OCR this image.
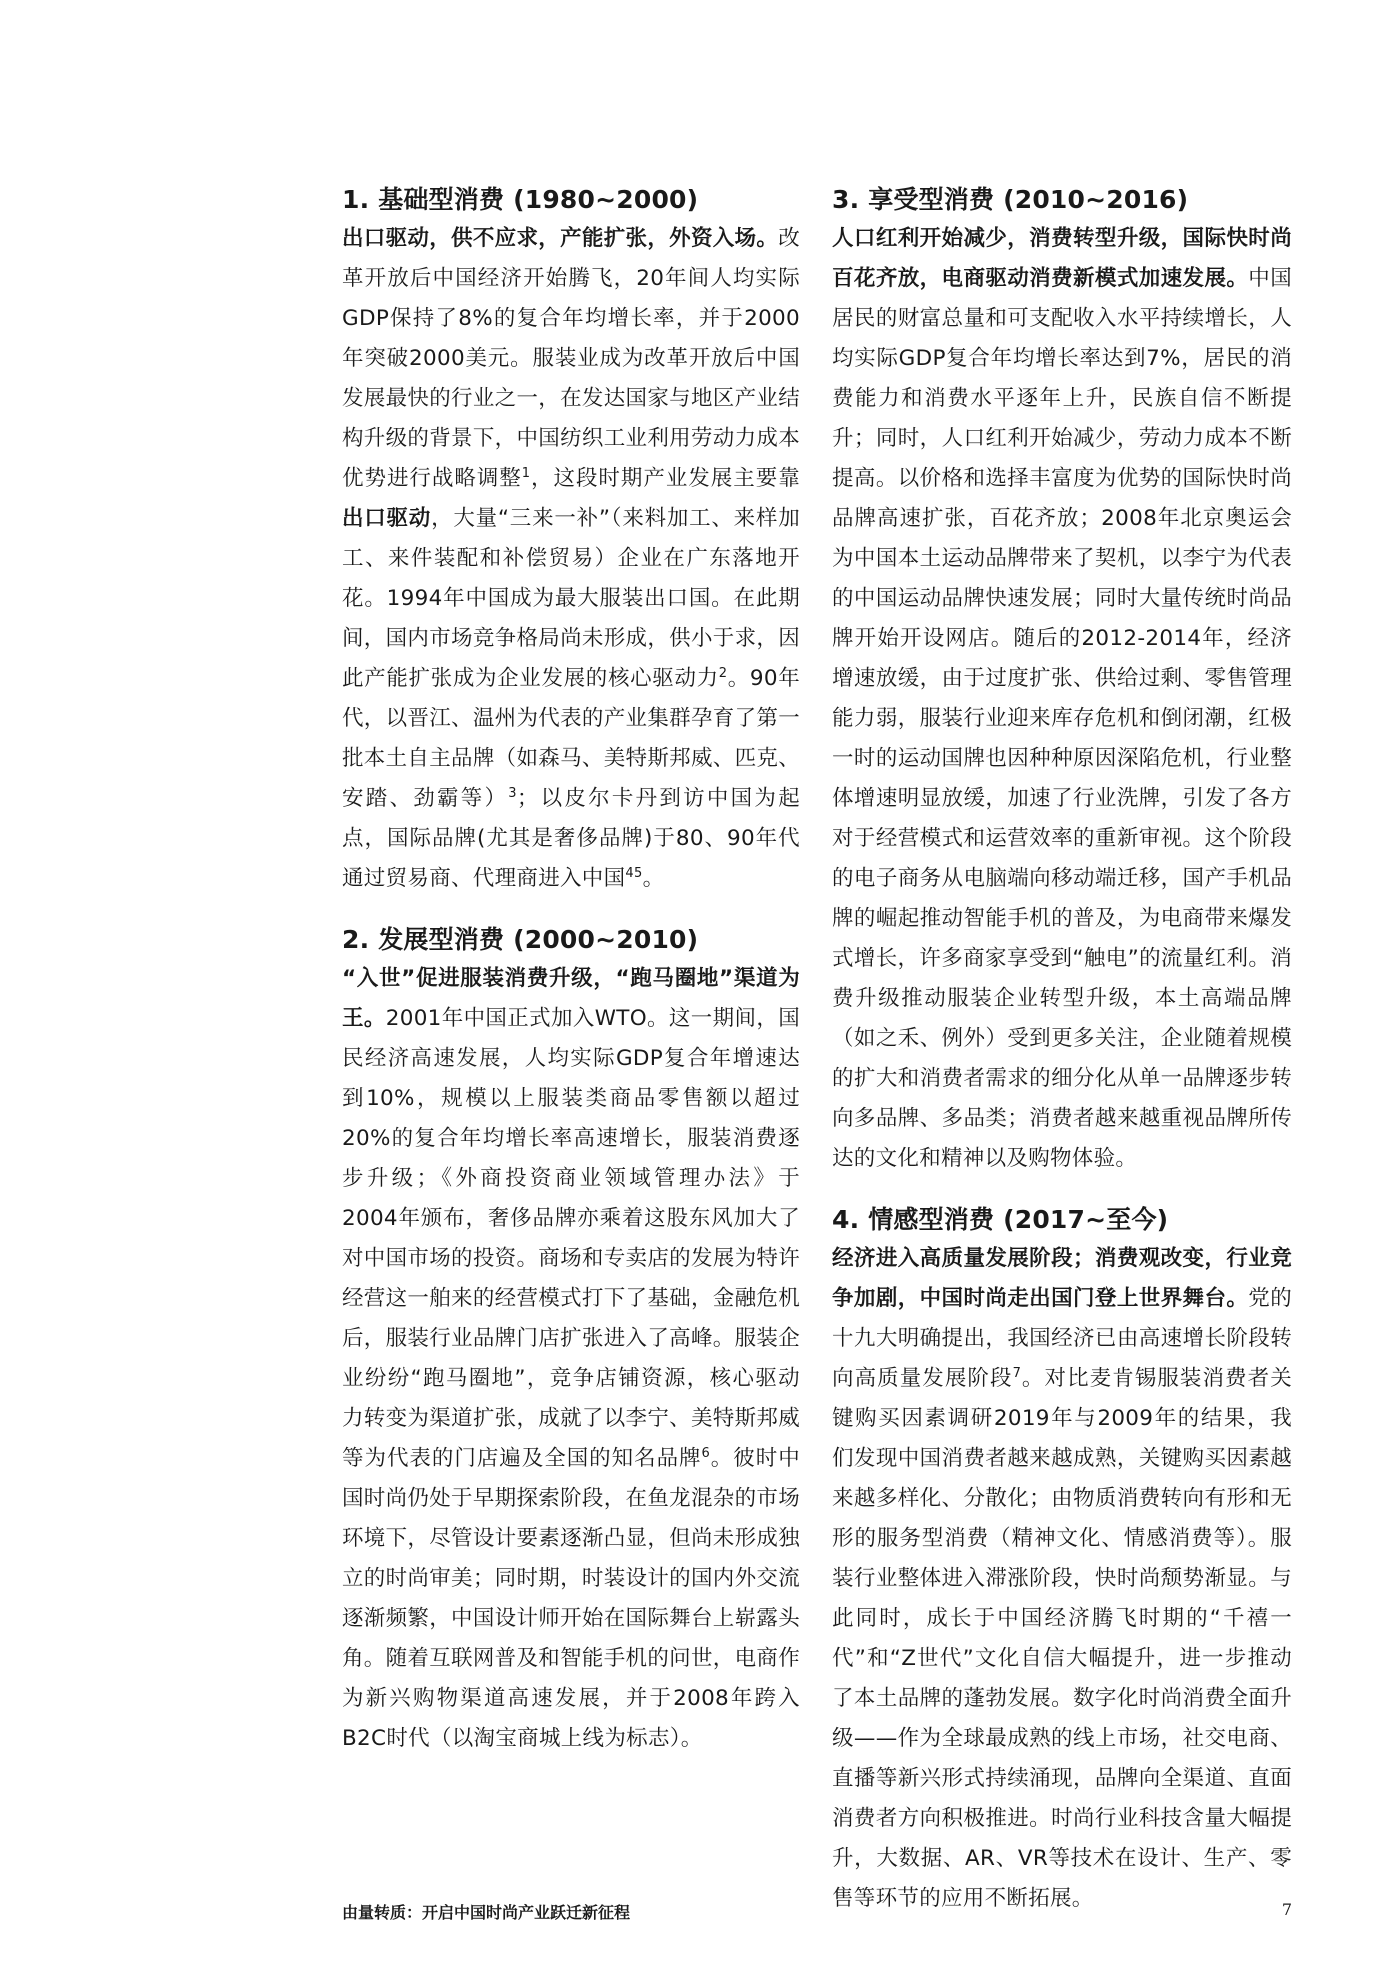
1. 基础型消费 (1980~2000)

出口驱动，供不应求，产能扩张，外资入场。改革开放后中国经济开始腾飞，20年间人均实际GDP保持了8%的复合年均增长率，并于2000年突破2000美元。服装业成为改革开放后中国发展最快的行业之一，在发达国家与地区产业结构升级的背景下，中国纺织工业利用劳动力成本优势进行战略调整$^1$，这段时期产业发展主要靠出口驱动，大量“三来一补”（来料加工、来样加工、来件装配和补偿贸易）企业在广东落地开花。1994年中国成为最大服装出口国。在此期间，国内市场竞争格局尚未形成，供小于求，因此产能扩张成为企业发展的核心驱动力$^2$。90年代，以晋江、温州为代表的产业集群孕育了第一批本土自主品牌（如森马、美特斯邦威、匹克、安踏、劲霸等）$^3$；以皮尔卡丹到访中国为起点，国际品牌(尤其是奢侈品牌)于80、90年代通过贸易商、代理商进入中国$^{45}$。

2. 发展型消费 (2000~2010)

“入世”促进服装消费升级，“跑马圈地”渠道为王。2001年中国正式加入WTO。这一期间，国民经济高速发展，人均实际GDP复合年增速达到10%，规模以上服装类商品零售额以超过20%的复合年均增长率高速增长，服装消费逐步升级；《外商投资商业领域管理办法》于2004年颁布，奢侈品牌亦乘着这股东风加大了对中国市场的投资。商场和专卖店的发展为特许经营这一舶来的经营模式打下了基础，金融危机后，服装行业品牌门店扩张进入了高峰。服装企业纷纷“跑马圈地”，竞争店铺资源，核心驱动力转变为渠道扩张，成就了以李宁、美特斯邦威等为代表的门店遍及全国的知名品牌$^6$。彼时中国时尚仍处于早期探索阶段，在鱼龙混杂的市场环境下，尽管设计要素逐渐凸显，但尚未形成独立的时尚审美；同时期，时装设计的国内外交流逐渐频繁，中国设计师开始在国际舞台上崭露头角。随着互联网普及和智能手机的问世，电商作为新兴购物渠道高速发展，并于2008年跨入B2C时代（以淘宝商城上线为标志）。

3. 享受型消费 (2010~2016)

人口红利开始减少，消费转型升级，国际快时尚百花齐放，电商驱动消费新模式加速发展。中国居民的财富总量和可支配收入水平持续增长，人均实际GDP复合年均增长率达到7%，居民的消费能力和消费水平逐年上升，民族自信不断提升；同时，人口红利开始减少，劳动力成本不断提高。以价格和选择丰富度为优势的国际快时尚品牌高速扩张，百花齐放；2008年北京奥运会为中国本土运动品牌带来了契机，以李宁为代表的中国运动品牌快速发展；同时大量传统时尚品牌开始开设网店。随后的2012-2014年，经济增速放缓，由于过度扩张、供给过剩、零售管理能力弱，服装行业迎来库存危机和倒闭潮，红极一时的运动国牌也因种种原因深陷危机，行业整体增速明显放缓，加速了行业洗牌，引发了各方对于经营模式和运营效率的重新审视。这个阶段的电子商务从电脑端向移动端迁移，国产手机品牌的崛起推动智能手机的普及，为电商带来爆发式增长，许多商家享受到“触电”的流量红利。消费升级推动服装企业转型升级，本土高端品牌（如之禾、例外）受到更多关注，企业随着规模的扩大和消费者需求的细分化从单一品牌逐步转向多品牌、多品类；消费者越来越重视品牌所传达的文化和精神以及购物体验。

4. 情感型消费 (2017~至今)

经济进入高质量发展阶段；消费观改变，行业竞争加剧，中国时尚走出国门登上世界舞台。党的十九大明确提出，我国经济已由高速增长阶段转向高质量发展阶段$^7$。对比麦肯锡服装消费者关键购买因素调研2019年与2009年的结果，我们发现中国消费者越来越成熟，关键购买因素越来越多样化、分散化；由物质消费转向有形和无形的服务型消费（精神文化、情感消费等）。服装行业整体进入滞涨阶段，快时尚颓势渐显。与此同时，成长于中国经济腾飞时期的“千禧一代”和“Z世代”文化自信大幅提升，进一步推动了本土品牌的蓬勃发展。数字化时尚消费全面升级——作为全球最成熟的线上市场，社交电商、直播等新兴形式持续涌现，品牌向全渠道、直面消费者方向积极推进。时尚行业科技含量大幅提升，大数据、AR、VR等技术在设计、生产、零售等环节的应用不断拓展。

由量转质：开启中国时尚产业跃迁新征程	7
